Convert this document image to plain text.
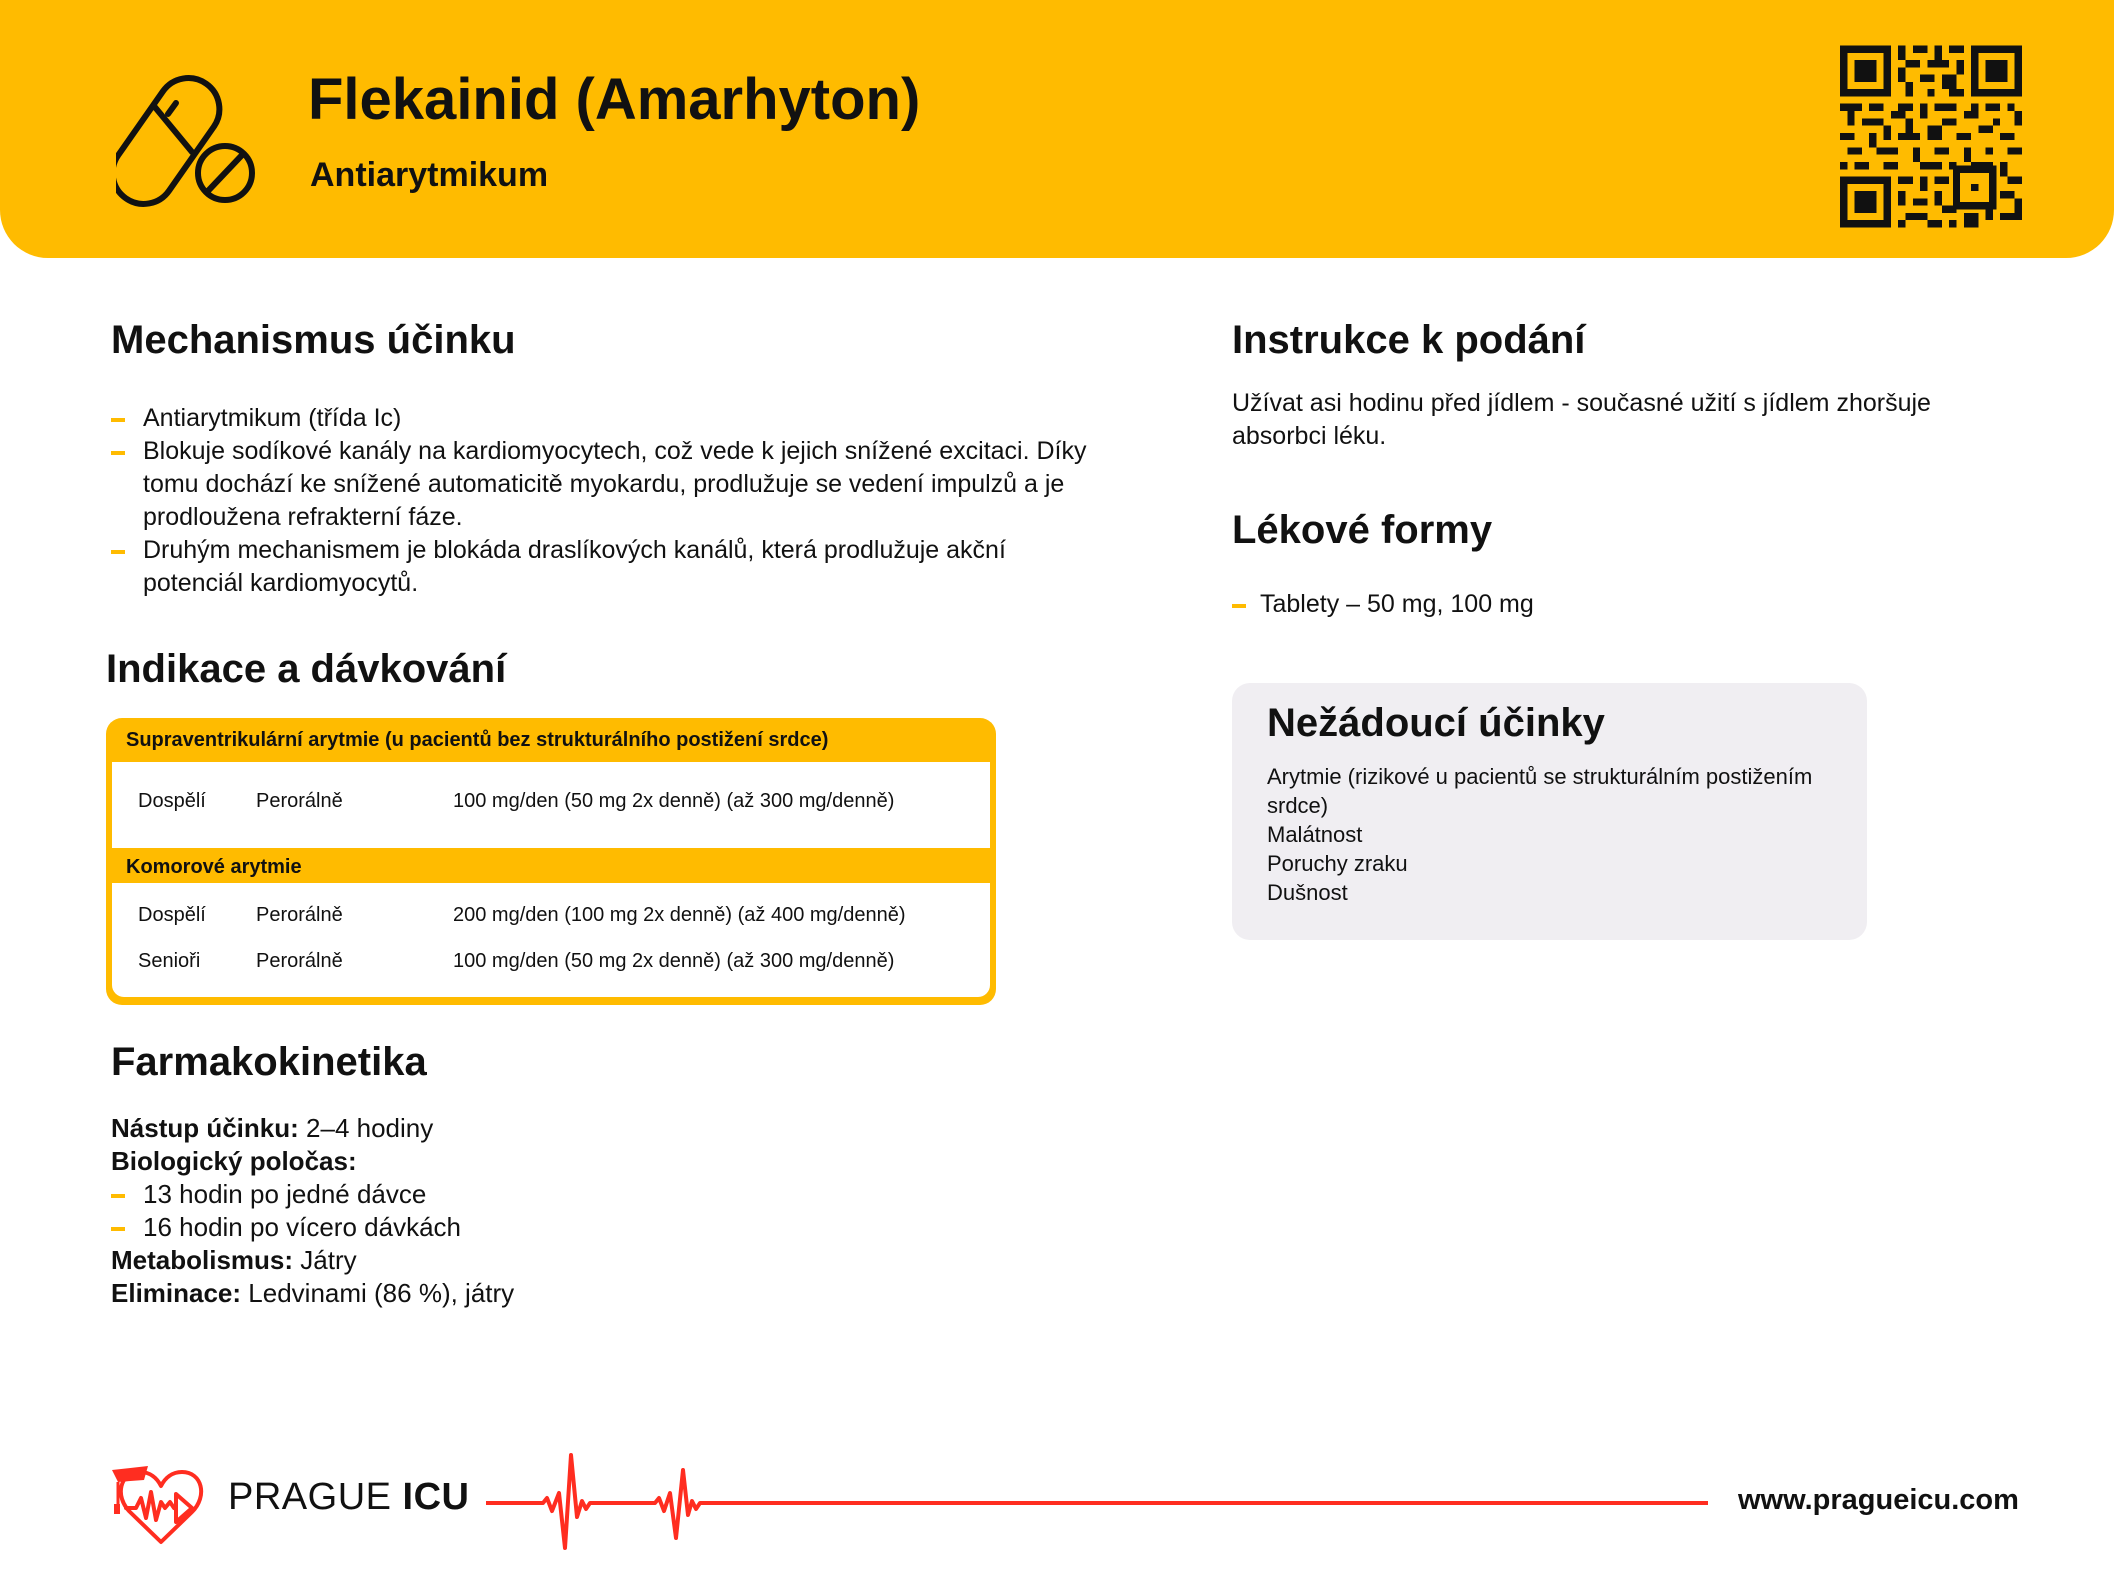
Flekainid (Amarhyton)
Antiarytmikum
Mechanismus účinku
Antiarytmikum (třída Ic)
Blokuje sodíkové kanály na kardiomyocytech, což vede k jejich snížené excitaci. Díky tomu dochází ke snížené automaticitě myokardu, prodlužuje se vedení impulzů a je prodloužena refrakterní fáze.
Druhým mechanismem je blokáda draslíkových kanálů, která prodlužuje akční potenciál kardiomyocytů.
Indikace a dávkování
Supraventrikulární arytmie (u pacientů bez strukturálního postižení srdce)
Dospělí	Perorálně	100 mg/den (50 mg 2x denně) (až 300 mg/denně)
Komorové arytmie
Dospělí	Perorálně	200 mg/den (100 mg 2x denně) (až 400 mg/denně)
Senioři	Perorálně	100 mg/den (50 mg 2x denně) (až 300 mg/denně)
Farmakokinetika
Nástup účinku: 2–4 hodiny
Biologický poločas:
13 hodin po jedné dávce
16 hodin po vícero dávkách
Metabolismus: Játry
Eliminace: Ledvinami (86 %), játry
Instrukce k podání
Užívat asi hodinu před jídlem - současné užití s jídlem zhoršuje absorbci léku.
Lékové formy
Tablety – 50 mg, 100 mg
Nežádoucí účinky
Arytmie (rizikové u pacientů se strukturálním postižením srdce)
Malátnost
Poruchy zraku
Dušnost
PRAGUE ICU	www.pragueicu.com
